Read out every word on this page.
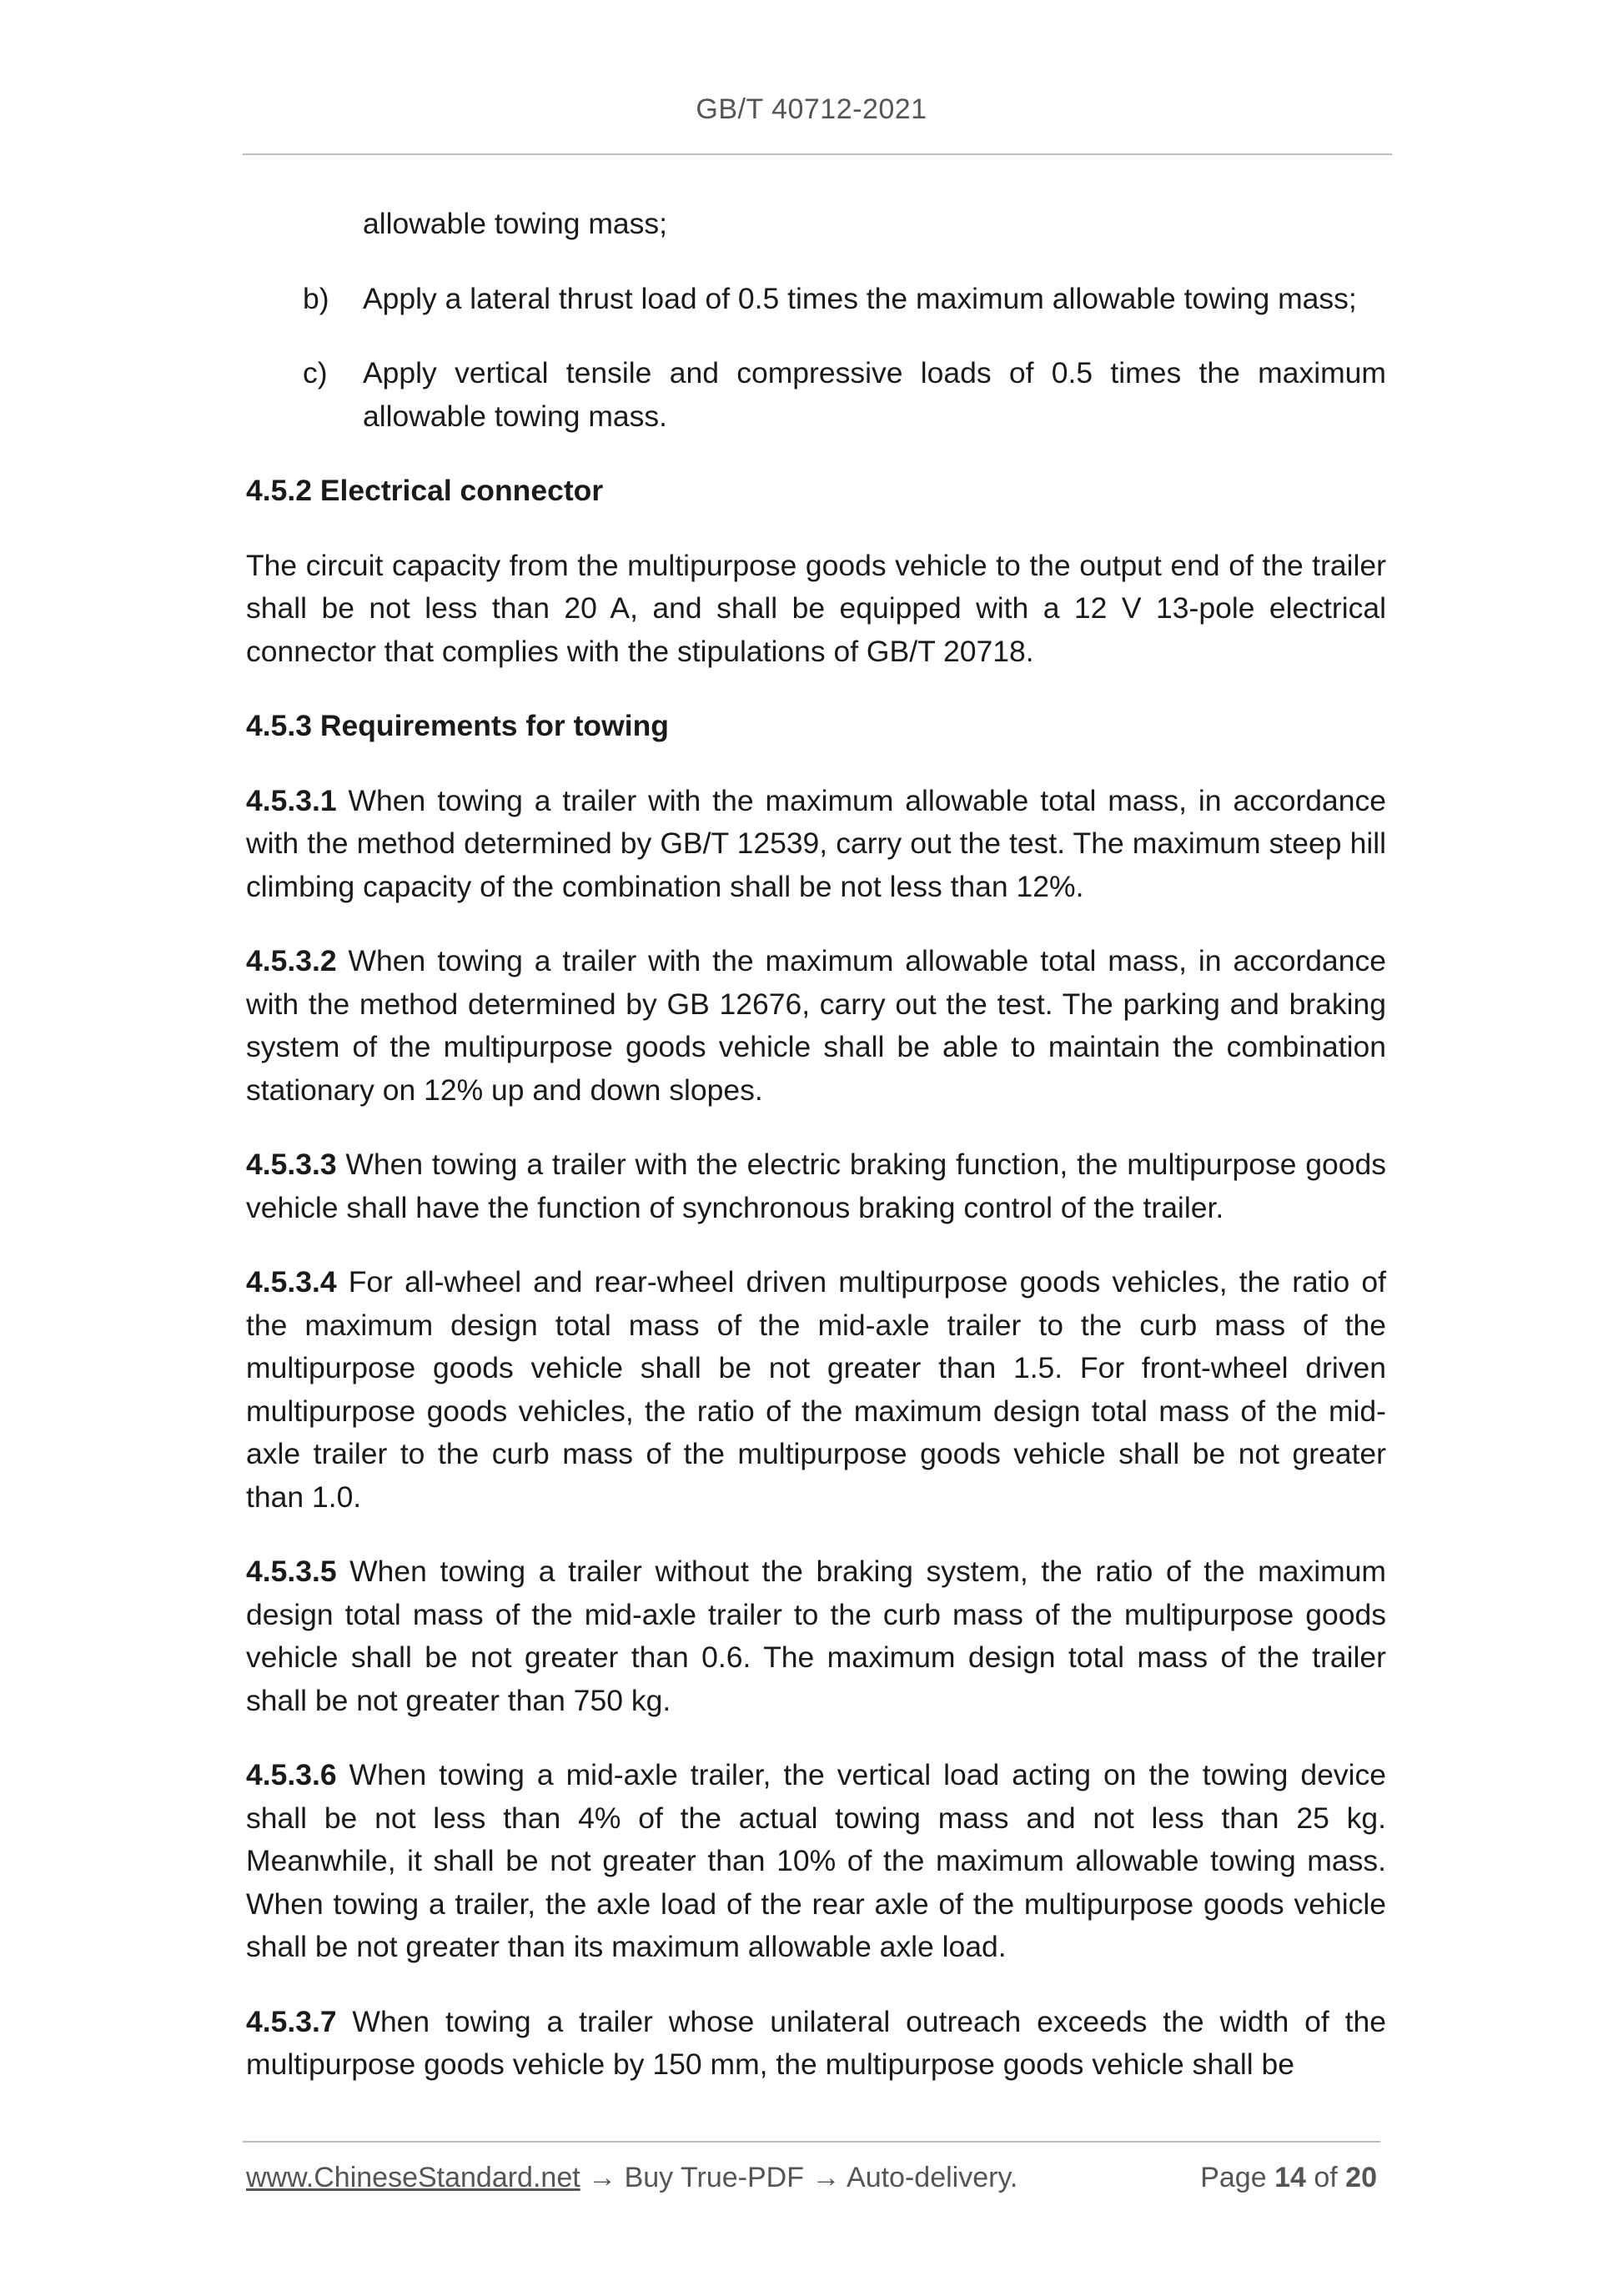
GB/T 40712-2021

allowable towing mass;

b) Apply a lateral thrust load of 0.5 times the maximum allowable towing mass;

c) Apply vertical tensile and compressive loads of 0.5 times the maximum allowable towing mass.

4.5.2 Electrical connector

The circuit capacity from the multipurpose goods vehicle to the output end of the trailer shall be not less than 20 A, and shall be equipped with a 12 V 13-pole electrical connector that complies with the stipulations of GB/T 20718.

4.5.3 Requirements for towing

4.5.3.1 When towing a trailer with the maximum allowable total mass, in accordance with the method determined by GB/T 12539, carry out the test. The maximum steep hill climbing capacity of the combination shall be not less than 12%.

4.5.3.2 When towing a trailer with the maximum allowable total mass, in accordance with the method determined by GB 12676, carry out the test. The parking and braking system of the multipurpose goods vehicle shall be able to maintain the combination stationary on 12% up and down slopes.

4.5.3.3 When towing a trailer with the electric braking function, the multipurpose goods vehicle shall have the function of synchronous braking control of the trailer.

4.5.3.4 For all-wheel and rear-wheel driven multipurpose goods vehicles, the ratio of the maximum design total mass of the mid-axle trailer to the curb mass of the multipurpose goods vehicle shall be not greater than 1.5. For front-wheel driven multipurpose goods vehicles, the ratio of the maximum design total mass of the mid-axle trailer to the curb mass of the multipurpose goods vehicle shall be not greater than 1.0.

4.5.3.5 When towing a trailer without the braking system, the ratio of the maximum design total mass of the mid-axle trailer to the curb mass of the multipurpose goods vehicle shall be not greater than 0.6. The maximum design total mass of the trailer shall be not greater than 750 kg.

4.5.3.6 When towing a mid-axle trailer, the vertical load acting on the towing device shall be not less than 4% of the actual towing mass and not less than 25 kg. Meanwhile, it shall be not greater than 10% of the maximum allowable towing mass. When towing a trailer, the axle load of the rear axle of the multipurpose goods vehicle shall be not greater than its maximum allowable axle load.

4.5.3.7 When towing a trailer whose unilateral outreach exceeds the width of the multipurpose goods vehicle by 150 mm, the multipurpose goods vehicle shall be

www.ChineseStandard.net → Buy True-PDF → Auto-delivery.	Page 14 of 20
